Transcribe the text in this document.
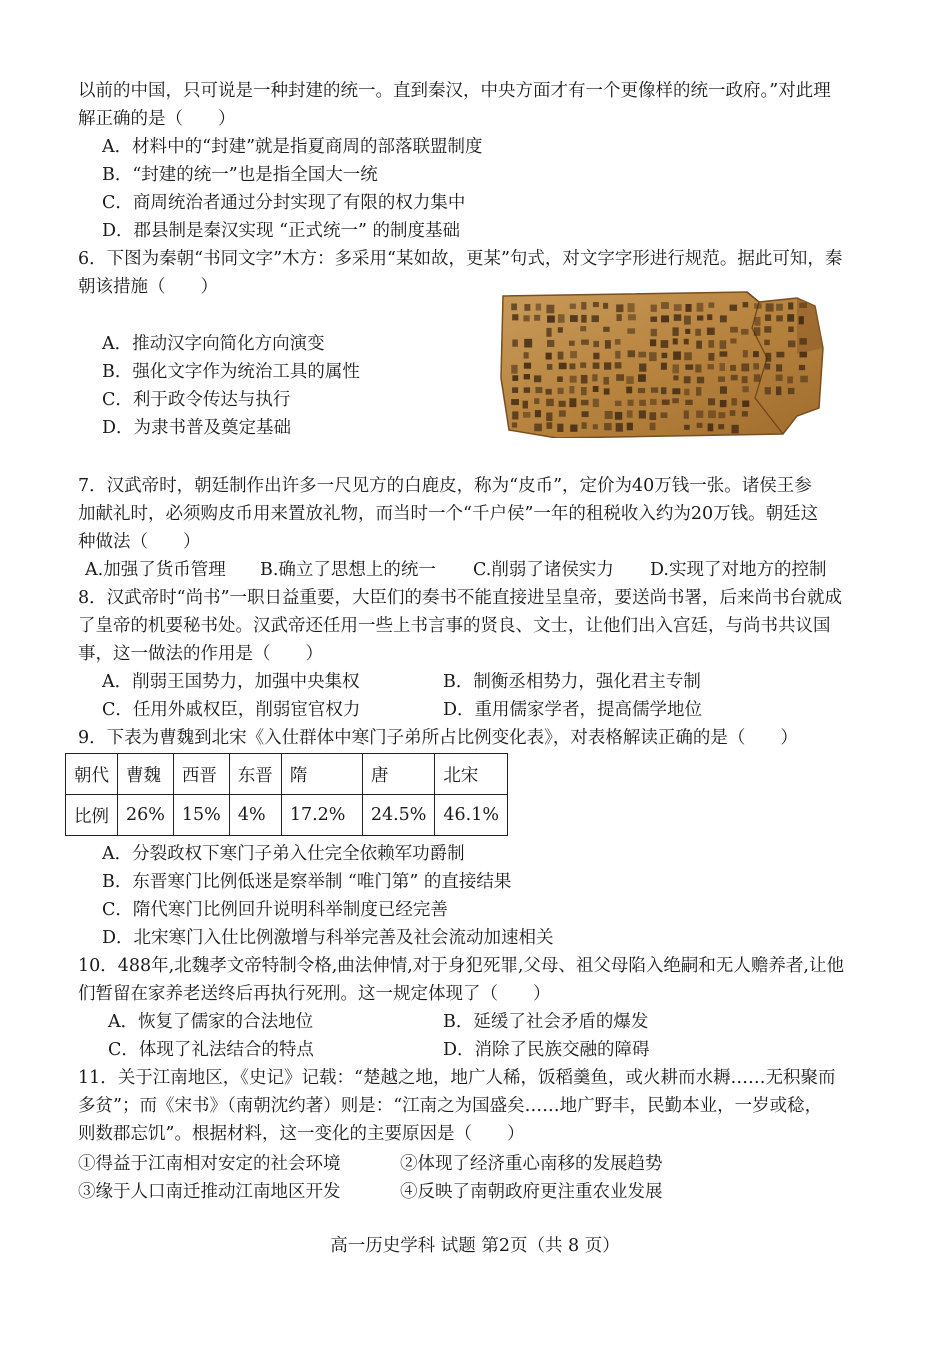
以前的中国，只可说是一种封建的统一。直到秦汉，中央方面才有一个更像样的统一政府。”对此理
解正确的是（　　）
A．材料中的“封建”就是指夏商周的部落联盟制度
B．“封建的统一”也是指全国大一统
C．商周统治者通过分封实现了有限的权力集中
D．郡县制是秦汉实现 “正式统一” 的制度基础
6．下图为秦朝“书同文字”木方：多采用“某如故，更某”句式，对文字字形进行规范。据此可知，秦
朝该措施（　　）
A．推动汉字向简化方向演变
B．强化文字作为统治工具的属性
C．利于政令传达与执行
D．为隶书普及奠定基础
7．汉武帝时，朝廷制作出许多一尺见方的白鹿皮，称为“皮币”，定价为40万钱一张。诸侯王参
加献礼时，必须购皮币用来置放礼物，而当时一个“千户侯”一年的租税收入约为20万钱。朝廷这
种做法（　　）
A.加强了货币管理 B.确立了思想上的统一 C.削弱了诸侯实力 D.实现了对地方的控制
8．汉武帝时“尚书”一职日益重要，大臣们的奏书不能直接进呈皇帝，要送尚书署，后来尚书台就成
了皇帝的机要秘书处。汉武帝还任用一些上书言事的贤良、文士，让他们出入宫廷，与尚书共议国
事，这一做法的作用是（　　）
A．削弱王国势力，加强中央集权	B．制衡丞相势力，强化君主专制
C．任用外戚权臣，削弱宦官权力	D．重用儒家学者，提高儒学地位
9．下表为曹魏到北宋《入仕群体中寒门子弟所占比例变化表》，对表格解读正确的是（　　）
朝代	曹魏	西晋	东晋	隋	唐	北宋
比例	26%	15%	4%	17.2%	24.5%	46.1%
A．分裂政权下寒门子弟入仕完全依赖军功爵制
B．东晋寒门比例低迷是察举制 “唯门第” 的直接结果
C．隋代寒门比例回升说明科举制度已经完善
D．北宋寒门入仕比例激增与科举完善及社会流动加速相关
10．488年,北魏孝文帝特制令格,曲法伸情,对于身犯死罪,父母、祖父母陷入绝嗣和无人赡养者,让他
们暂留在家养老送终后再执行死刑。这一规定体现了（　　）
A．恢复了儒家的合法地位	B．延缓了社会矛盾的爆发
C．体现了礼法结合的特点	D．消除了民族交融的障碍
11．关于江南地区，《史记》记载：“楚越之地，地广人稀，饭稻羹鱼，或火耕而水耨……无积聚而
多贫”；而《宋书》（南朝沈约著）则是：“江南之为国盛矣……地广野丰，民勤本业，一岁或稔，
则数郡忘饥”。根据材料，这一变化的主要原因是（　　）
①得益于江南相对安定的社会环境	②体现了经济重心南移的发展趋势
③缘于人口南迁推动江南地区开发	④反映了南朝政府更注重农业发展
高一历史学科 试题 第2页（共 8 页）
